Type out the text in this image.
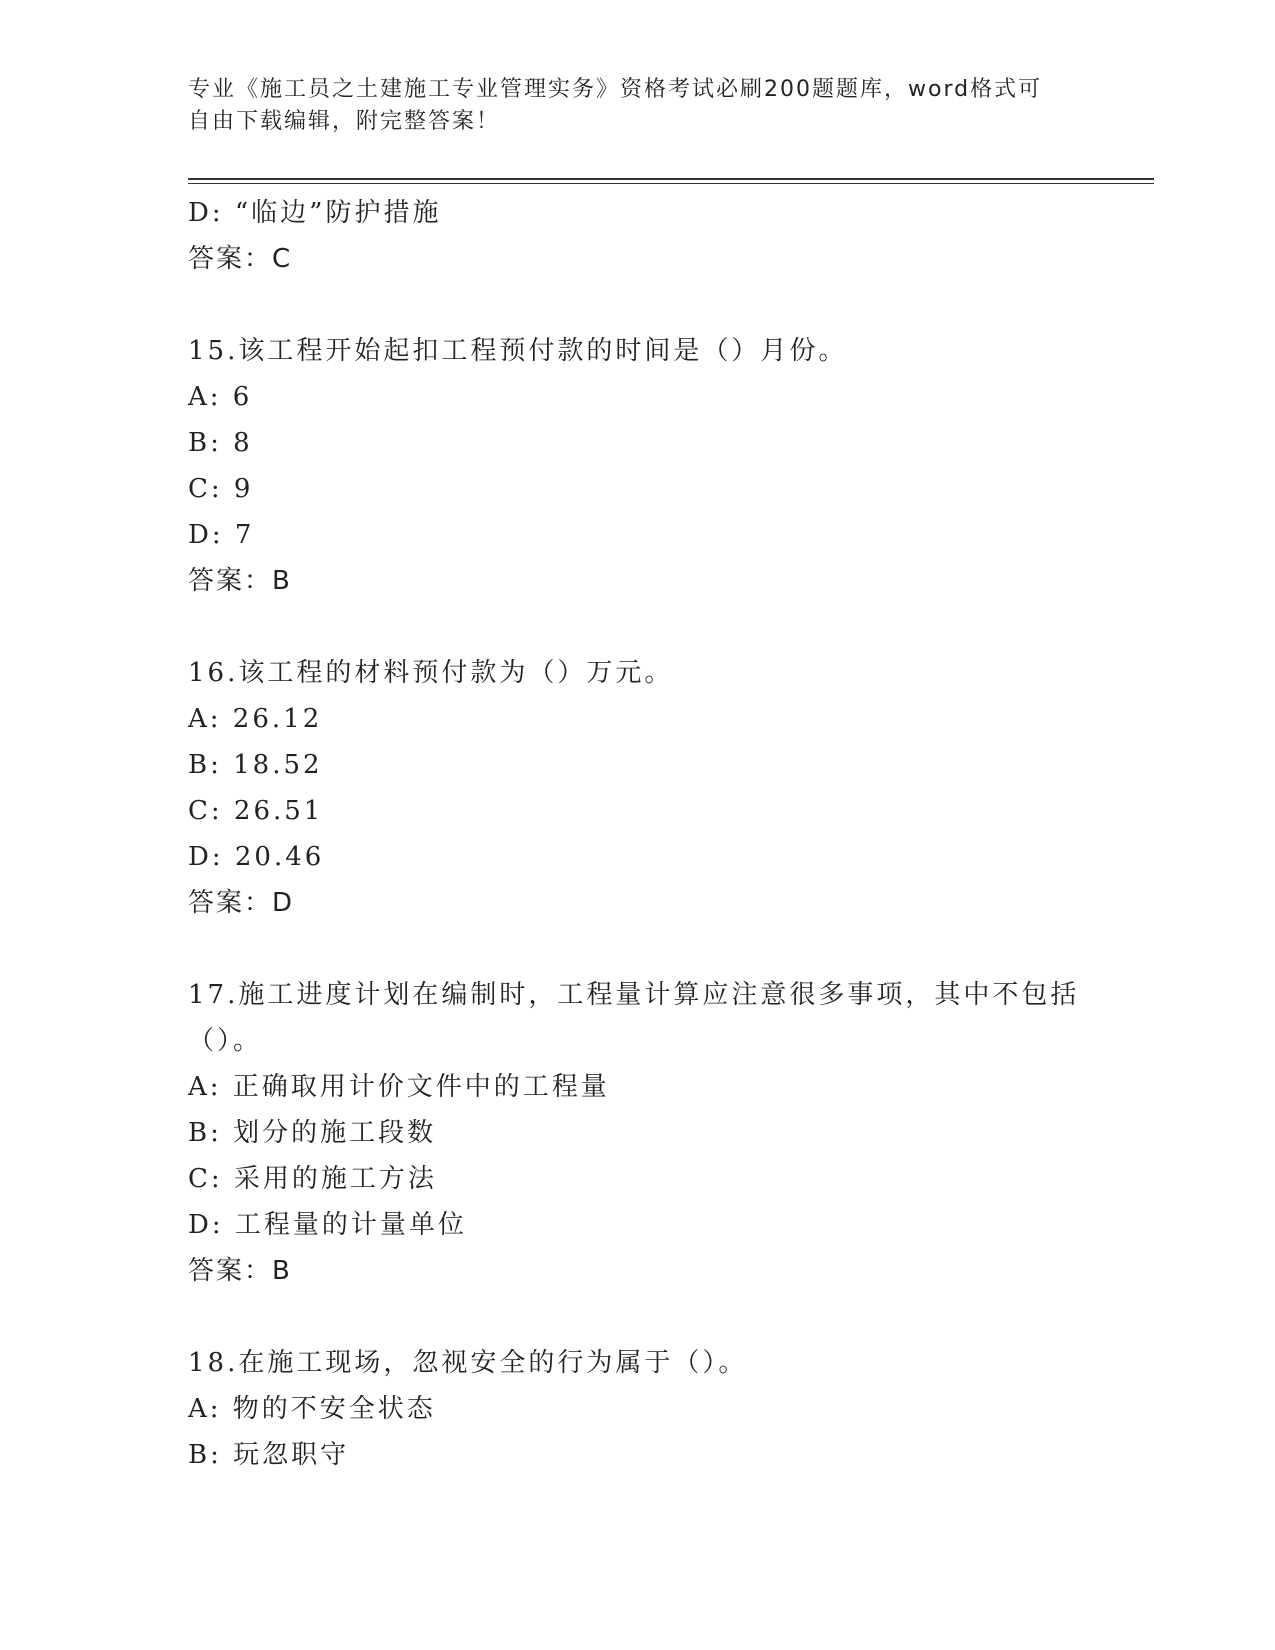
专业《施工员之土建施工专业管理实务》资格考试必刷200题题库，word格式可
自由下载编辑，附完整答案！
D: “临边”防护措施
答案：C
15.该工程开始起扣工程预付款的时间是（）月份。
A: 6
B: 8
C: 9
D: 7
答案：B
16.该工程的材料预付款为（）万元。
A: 26.12
B: 18.52
C: 26.51
D: 20.46
答案：D
17.施工进度计划在编制时，工程量计算应注意很多事项，其中不包括
（）。
A: 正确取用计价文件中的工程量
B: 划分的施工段数
C: 采用的施工方法
D: 工程量的计量单位
答案：B
18.在施工现场，忽视安全的行为属于（）。
A: 物的不安全状态
B: 玩忽职守
